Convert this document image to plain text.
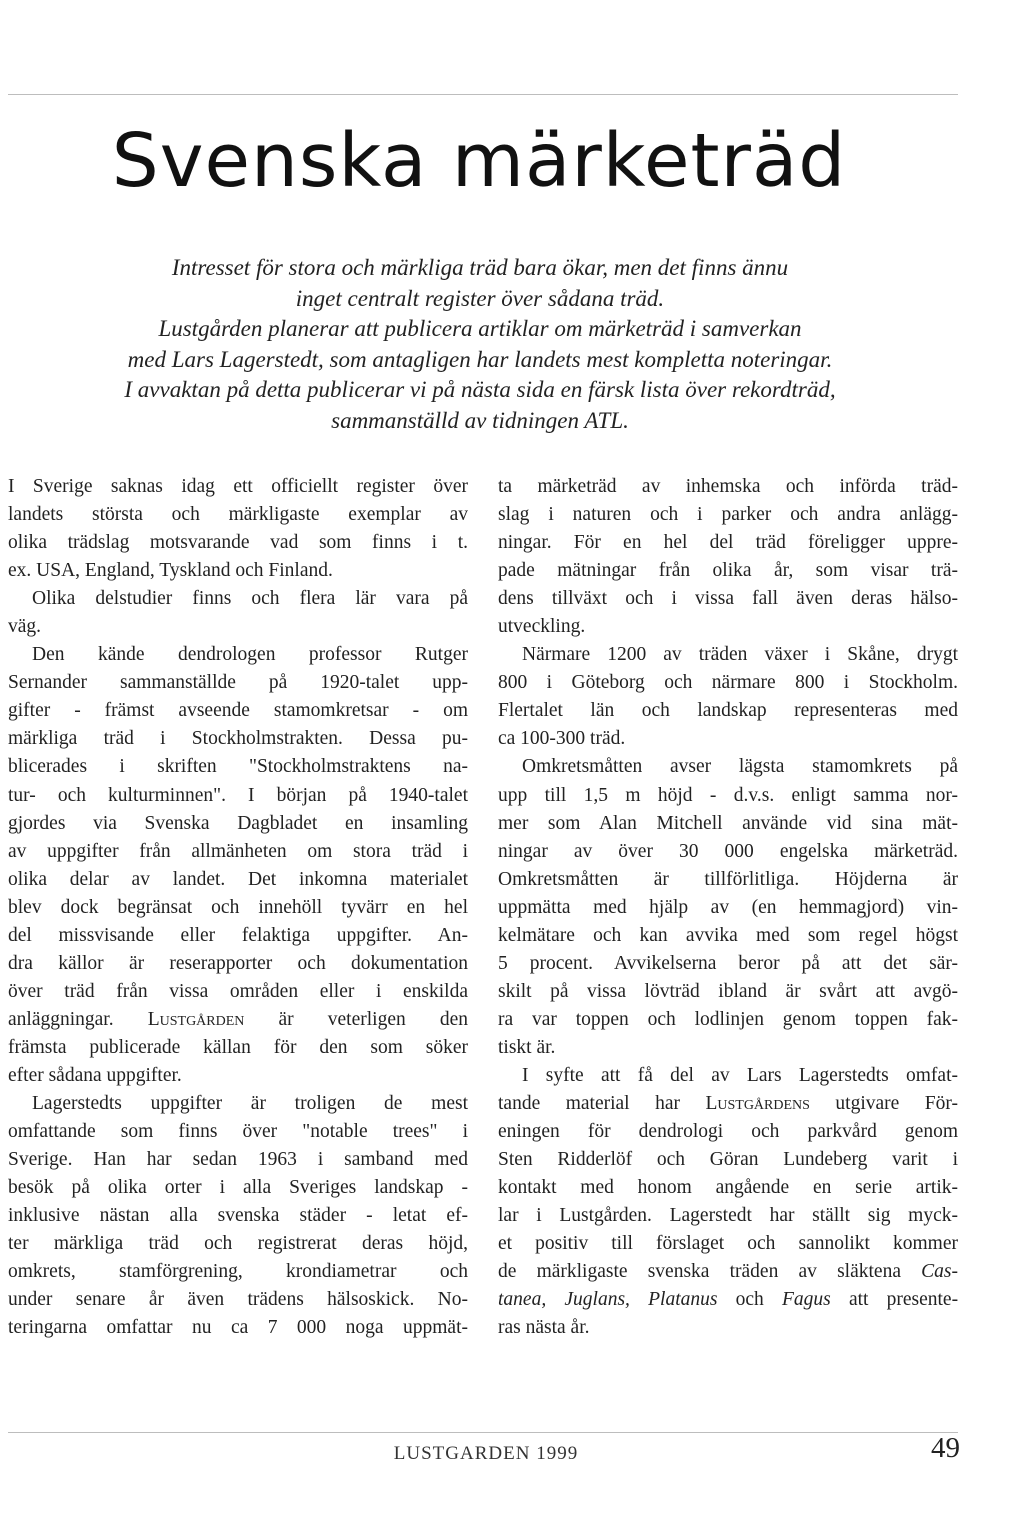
Svenska märketräd
Intresset för stora och märkliga träd bara ökar, men det finns ännu
inget centralt register över sådana träd.
Lustgården planerar att publicera artiklar om märketräd i samverkan
med Lars Lagerstedt, som antagligen har landets mest kompletta noteringar.
I avvaktan på detta publicerar vi på nästa sida en färsk lista över rekordträd,
sammanställd av tidningen ATL.
I Sverige saknas idag ett officiellt register över
landets största och märkligaste exemplar av
olika trädslag motsvarande vad som finns i t.
ex. USA, England, Tyskland och Finland.
Olika delstudier finns och flera lär vara på
väg.
Den kände dendrologen professor Rutger
Sernander sammanställde på 1920-talet upp-
gifter - främst avseende stamomkretsar - om
märkliga träd i Stockholmstrakten. Dessa pu-
blicerades i skriften "Stockholmstraktens na-
tur- och kulturminnen". I början på 1940-talet
gjordes via Svenska Dagbladet en insamling
av uppgifter från allmänheten om stora träd i
olika delar av landet. Det inkomna materialet
blev dock begränsat och innehöll tyvärr en hel
del missvisande eller felaktiga uppgifter. An-
dra källor är reserapporter och dokumentation
över träd från vissa områden eller i enskilda
anläggningar. Lustgården är veterligen den
främsta publicerade källan för den som söker
efter sådana uppgifter.
Lagerstedts uppgifter är troligen de mest
omfattande som finns över "notable trees" i
Sverige. Han har sedan 1963 i samband med
besök på olika orter i alla Sveriges landskap -
inklusive nästan alla svenska städer - letat ef-
ter märkliga träd och registrerat deras höjd,
omkrets, stamförgrening, krondiametrar och
under senare år även trädens hälsoskick. No-
teringarna omfattar nu ca 7 000 noga uppmät-
ta märketräd av inhemska och införda träd-
slag i naturen och i parker och andra anlägg-
ningar. För en hel del träd föreligger uppre-
pade mätningar från olika år, som visar trä-
dens tillväxt och i vissa fall även deras hälso-
utveckling.
Närmare 1200 av träden växer i Skåne, drygt
800 i Göteborg och närmare 800 i Stockholm.
Flertalet län och landskap representeras med
ca 100-300 träd.
Omkretsmåtten avser lägsta stamomkrets på
upp till 1,5 m höjd - d.v.s. enligt samma nor-
mer som Alan Mitchell använde vid sina mät-
ningar av över 30 000 engelska märketräd.
Omkretsmåtten är tillförlitliga. Höjderna är
uppmätta med hjälp av (en hemmagjord) vin-
kelmätare och kan avvika med som regel högst
5 procent. Avvikelserna beror på att det sär-
skilt på vissa lövträd ibland är svårt att avgö-
ra var toppen och lodlinjen genom toppen fak-
tiskt är.
I syfte att få del av Lars Lagerstedts omfat-
tande material har Lustgårdens utgivare För-
eningen för dendrologi och parkvård genom
Sten Ridderlöf och Göran Lundeberg varit i
kontakt med honom angående en serie artik-
lar i Lustgården. Lagerstedt har ställt sig myck-
et positiv till förslaget och sannolikt kommer
de märkligaste svenska träden av släktena Cas-
tanea, Juglans, Platanus och Fagus att presente-
ras nästa år.
LUSTGARDEN 1999	49
